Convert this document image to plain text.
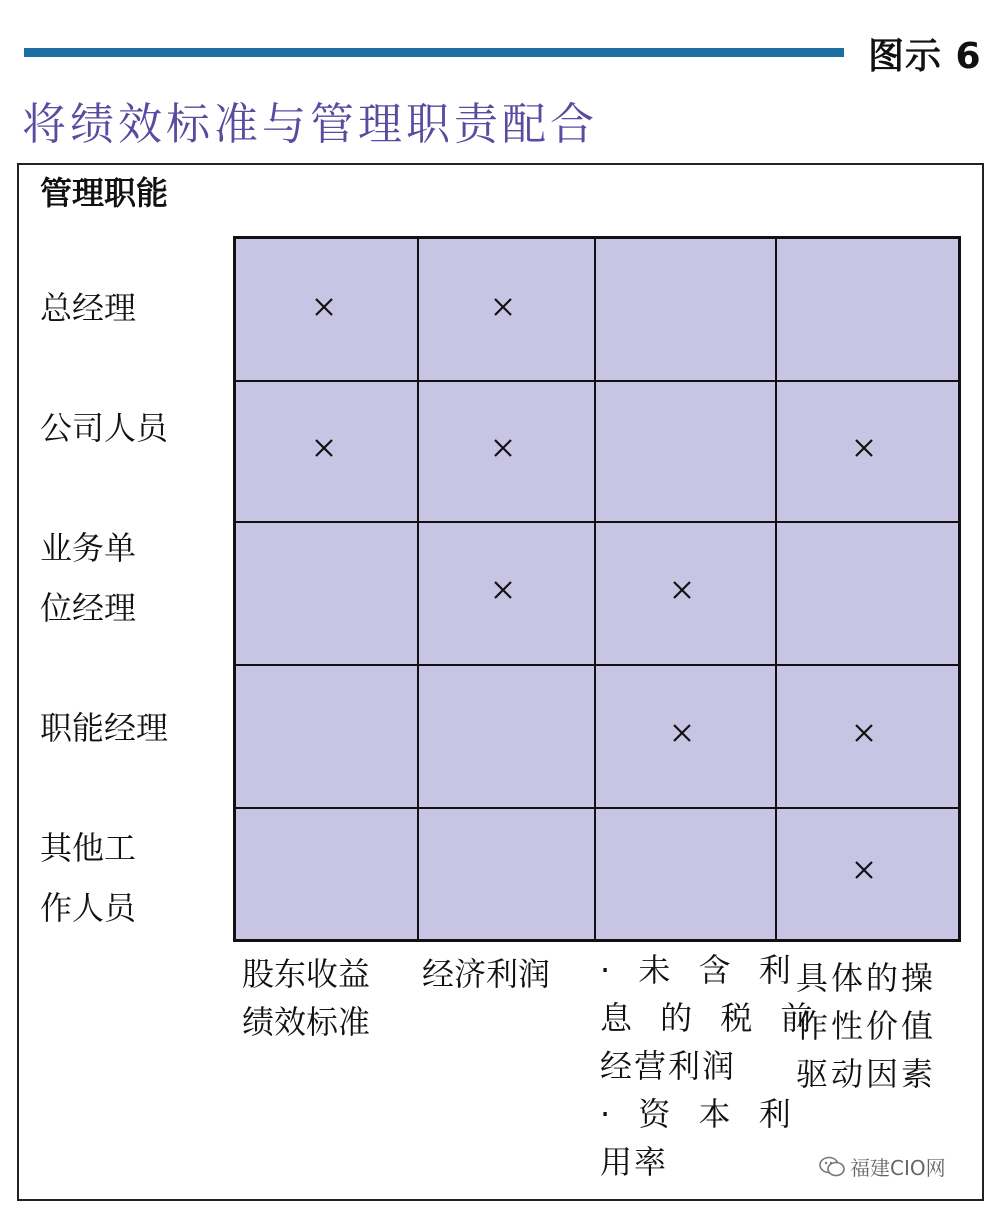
图示 6
将绩效标准与管理职责配合
管理职能
总经理
公司人员
业务单
位经理
职能经理
其他工
作人员
股东收益
绩效标准
经济利润 · 未 含 利
息 的 税 前
经营利润
· 资 本 利
用率
具体的操
作性价值
驱动因素
福建CIO网
